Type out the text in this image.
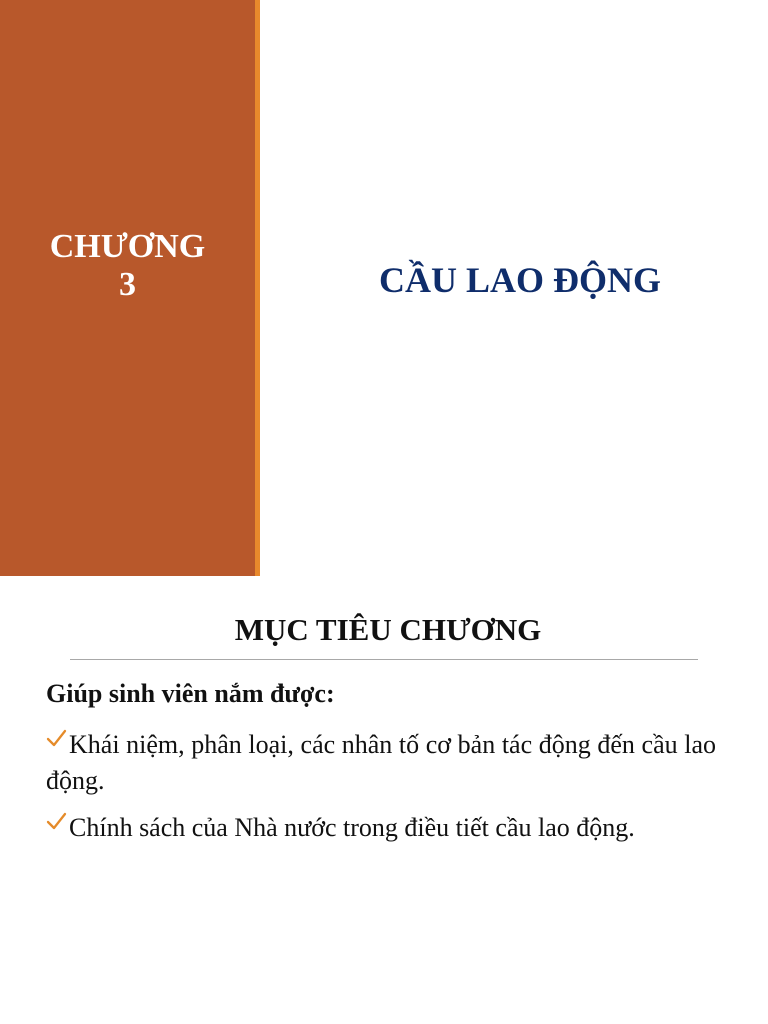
CHƯƠNG
3	CẦU LAO ĐỘNG
MỤC TIÊU CHƯƠNG
Giúp sinh viên nắm được:
Khái niệm, phân loại, các nhân tố cơ bản tác động đến cầu lao động.
Chính sách của Nhà nước trong điều tiết cầu lao động.
